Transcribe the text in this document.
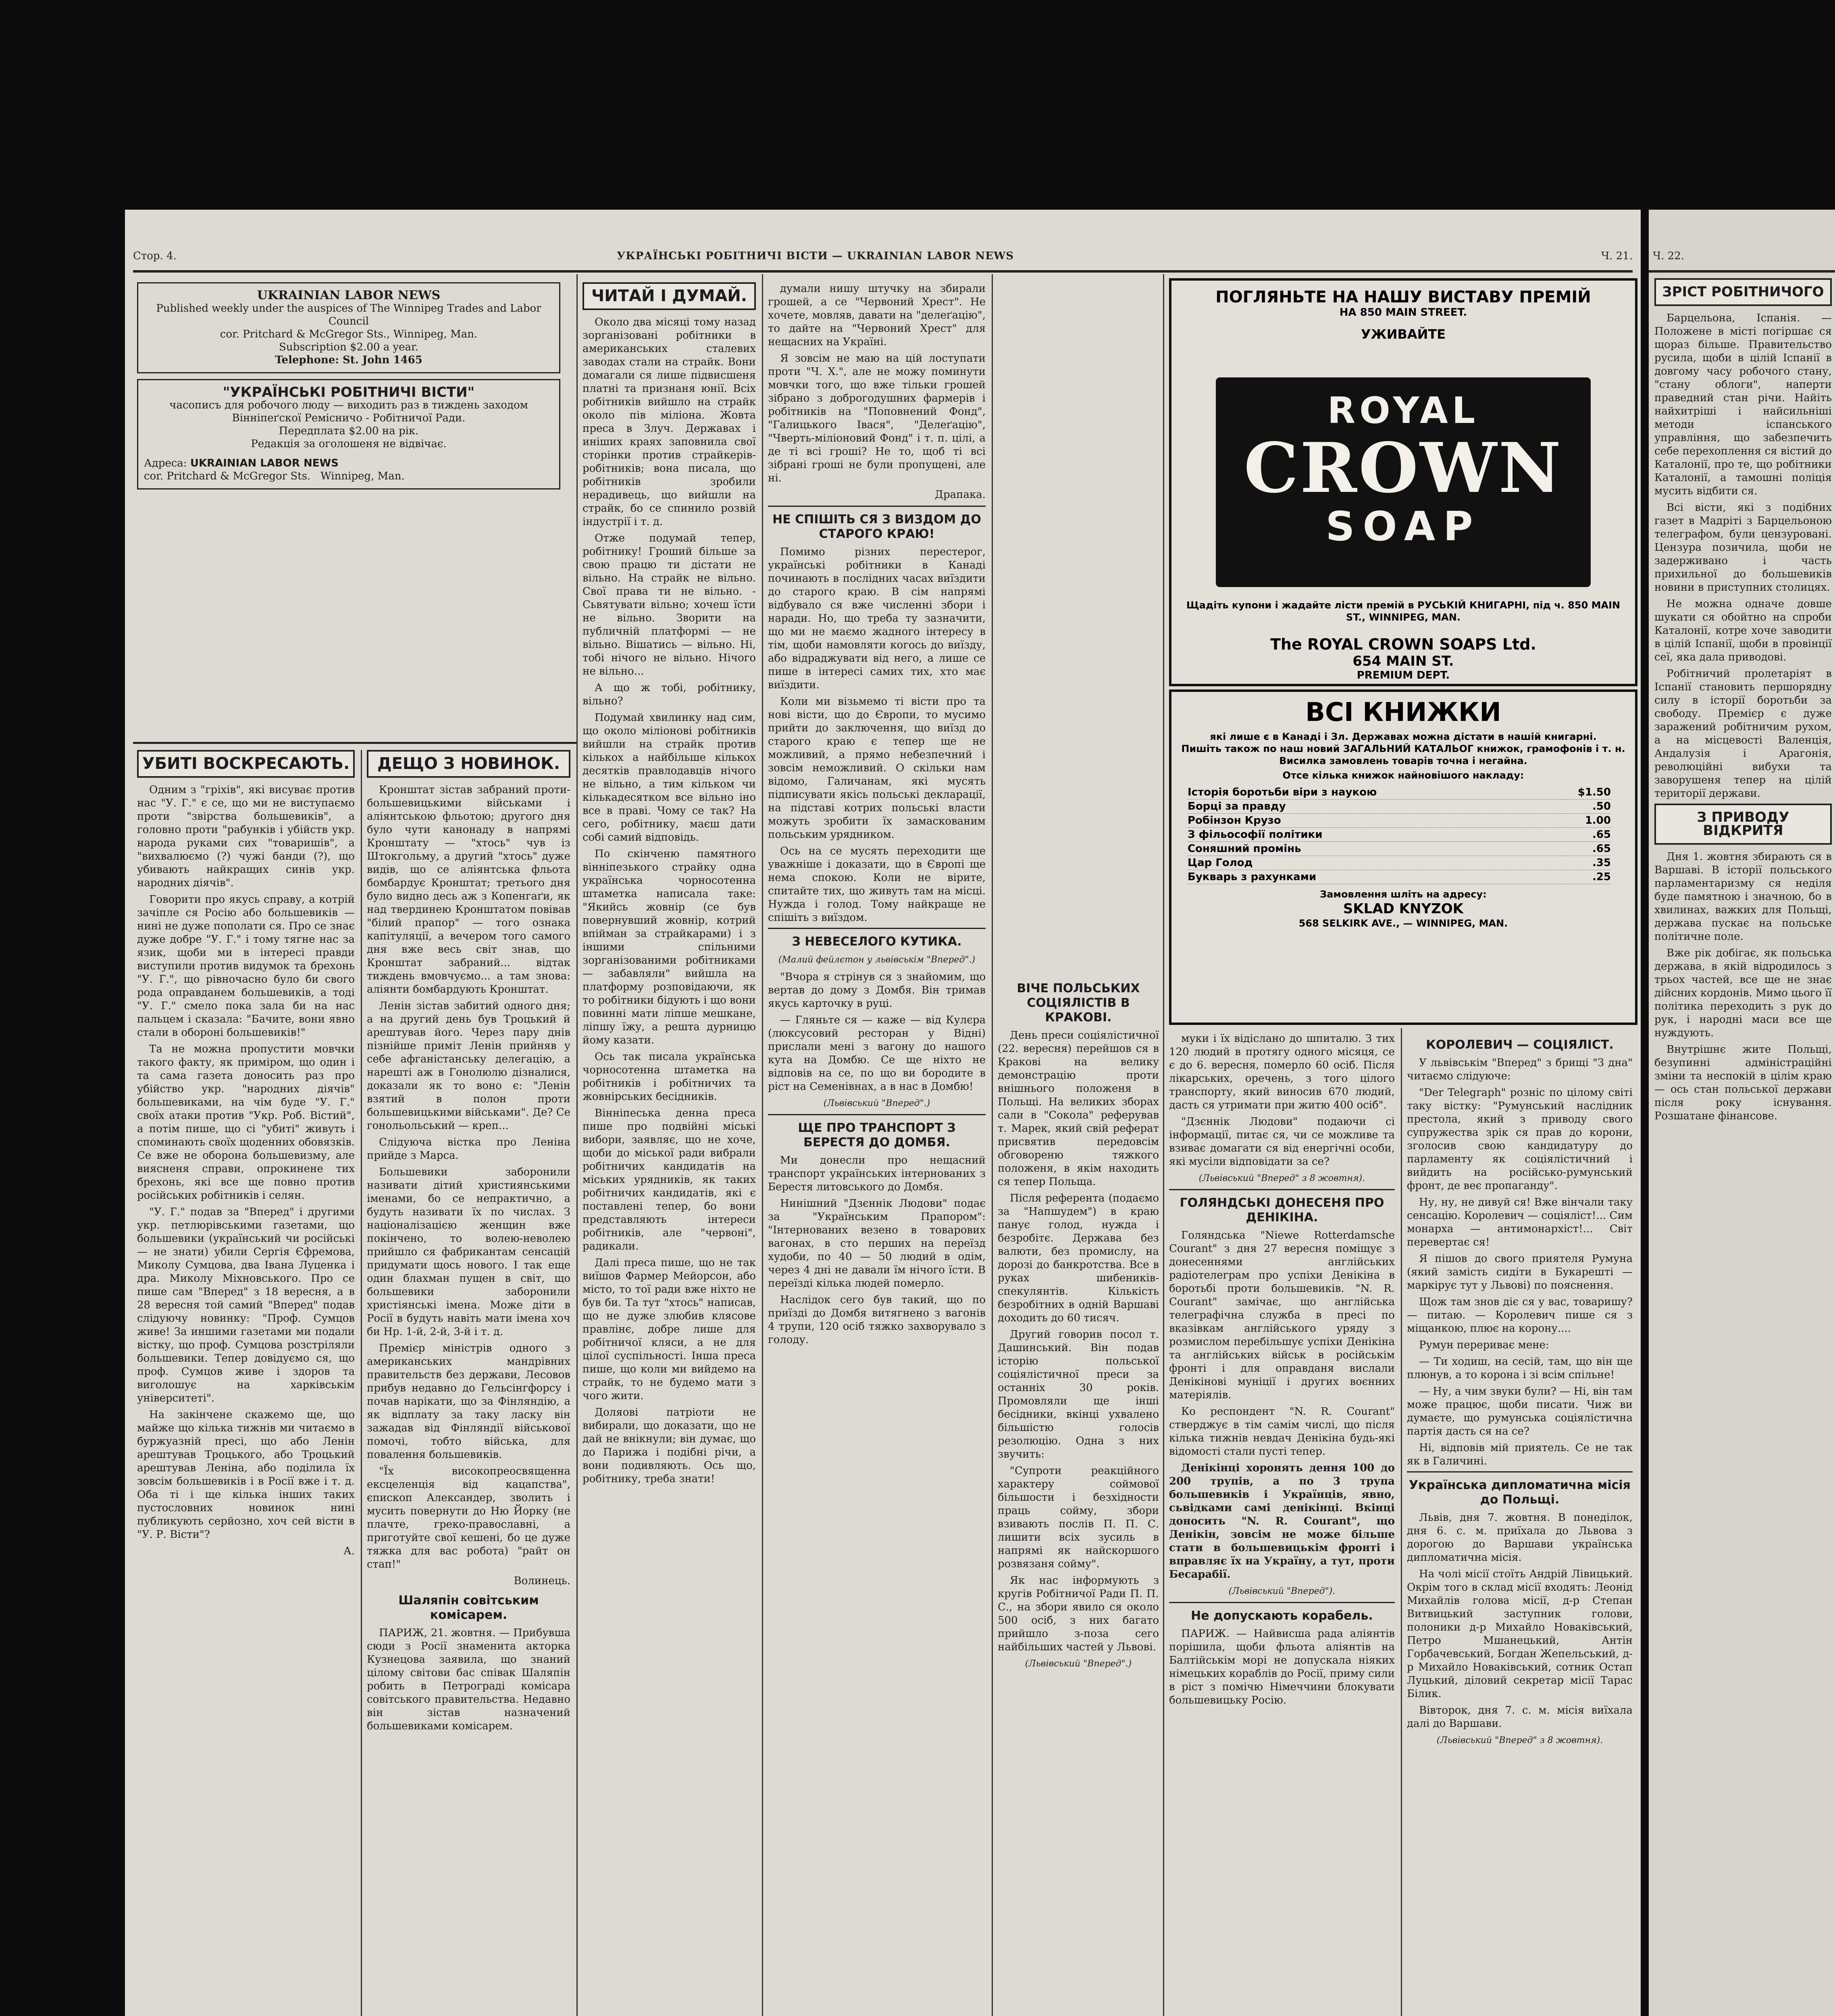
Стор. 4.	УКРАЇНСЬКІ РОБІТНИЧІ ВІСТИ — UKRAINIAN LABOR NEWS	Ч. 21.
UKRAINIAN LABOR NEWS
Published weekly under the auspices of The Winnipeg Trades and Labor Council
cor. Pritchard & McGregor Sts., Winnipeg, Man.
Subscription $2.00 a year.
Telephone: St. John 1465
"УКРАЇНСЬКІ РОБІТНИЧІ ВІСТИ"
часописъ для робочого люду — виходить раз в тиждень заходом Вінніпеґскої Ремісничо - Робітничої Ради.
Передплата $2.00 на рік.
Редакція за оголошеня не відвічає.
Адреса: UKRAINIAN LABOR NEWS
cor. Pritchard & McGregor Sts. Winnipeg, Man.
УБИТІ ВОСКРЕСАЮТЬ.

Одним з "гріхів", які висуває против нас "У. Г." є се, що ми не виступаємо проти "звірства большевиків", а головно проти "рабунків і убійств укр. народа руками сих "товаришів", а "вихвалюємо (?) чужі банди (?), що убивають найкращих синів укр. народних діячів".

Говорити про якусь справу, а котрій зачіпле ся Росію або большевиків — нині не дуже пополати ся. Про се знає дуже добре "У. Г." і тому тягне нас за язик, щоби ми в інтересі правди виступили против видумок та брехонь "У. Г.", що рівночасно було би свого рода оправданем большевиків, а тоді "У. Г." смело пока зала би на нас пальцем і сказала: "Бачите, вони явно стали в обороні большевиків!"

Та не можна пропустити мовчки такого факту, як приміром, що один і та сама газета доносить раз про убійство укр. "народних діячів" большевиками, на чім буде "У. Г." своїх атаки против "Укр. Роб. Вістий", а потім пише, що сі "убиті" живуть і споминають своїх щоденних обовязків. Се вже не оборона большевизму, але виясненя справи, опрокинене тих брехонь, які все ще повно против російських робітників і селян.

"У. Г." подав за "Вперед" і другими укр. петлюрівськими газетами, що большевики (український чи російські — не знати) убили Сергія Єфремова, Миколу Сумцова, два Івана Луценка і дра. Миколу Міхновського. Про се пише сам "Вперед" з 18 вересня, а в 28 вересня той самий "Вперед" подав слідуючу новинку: "Проф. Сумцов живе! За иншими газетами ми подали вістку, що проф. Сумцова розстріляли большевики. Тепер довідуємо ся, що проф. Сумцов живе і здоров та виголошує на харківськім університеті".

На закінчене скажемо ще, що майже що кілька тижнів ми читаємо в буржуазній пресі, що або Ленін арештував Троцького, або Троцький арештував Леніна, або поділила їх зовсім большевиків і в Росії вже і т. д. Оба ті і ще кілька інших таких пустословних новинок нині публикують серйозно, хоч сей вісти в "У. Р. Вісти"?

А.
ДЕЩО З НОВИНОК.

Кронштат зістав забраний проти-большевицькими військами і аліянтською фльотою; другого дня було чути канонаду в напрямі Кронштату — "хтось" чув із Штокгольму, а другий "хтось" дуже видів, що се аліянтська фльота бомбардує Кронштат; третього дня було видно десь аж з Копенгаґи, як над твердинею Кронштатом повівав "білий прапор" — того ознака капітуляції, а вечером того самого дня вже весь світ знав, що Кронштат забраний... відтак тиждень вмовчуємо... а там знова: аліянти бомбардують Кронштат.

Ленін зістав забитий одного дня; а на другий день був Троцький й арештував його. Через пару днів пізнійше приміт Ленін прийняв у себе афганістанську делегацію, а нарешті аж в Гонолюлю дізналися, доказали як то воно є: "Ленін взятий в полон проти большевицькими військами". Де? Се гонольольський — креп...

Слідуюча вістка про Леніна прийде з Марса.

Большевики заборонили називати дітий християнськими іменами, бо се непрактично, а будуть називати їх по числах. З націоналізацією женщин вже покінчено, то волею-неволею прийшло ся фабрикантам сенсацій придумати щось нового. І так еще один блахман пущен в світ, що большевики заборонили христіянські імена. Може діти в Росії в будуть навіть мати імена хоч би Нр. 1-й, 2-й, 3-й і т. д.

Премієр міністрів одного з американських мандрівних правительств без держави, Лесовов прибув недавно до Гельсінгфорсу і почав нарікати, що за Фінляндію, а як відплату за таку ласку він зажадав від Фінляндії військової помочі, тобто війська, для повалення большевиків.

"Їх високопреосвященна ексцеленція від кацапства", єпископ Александер, зволить і мусить повернути до Ню Йорку (не плачте, греко-православні, а приготуйте свої кешені, бо це дуже тяжка для вас робота) "райт он стап!"

Волинець.
Шаляпін совітським комісарем.

ПАРИЖ, 21. жовтня. — Прибувша сюди з Росії знаменита акторка Кузнецова заявила, що знаний цілому світови бас співак Шаляпін робить в Петрограді комісара совітського правительства. Недавно він зістав назначений большевиками комісарем.

ЧИТАЙ І ДУМАЙ.

Около два місяці тому назад зорганізовані робітники в американських сталевих заводах стали на страйк. Вони домагали ся лише підвисшеня платні та признаня юнії. Всіх робітників вийшло на страйк около пів міліона. Жовта преса в Злуч. Державах і иніших краях заповнила свої сторінки против страйкерів-робітників; вона писала, що робітників зробили нерадивець, що вийшли на страйк, бо се спинило розвій індустрії і т. д.

Отже подумай тепер, робітнику! Гроший більше за свою працю ти дістати не вільно. На страйк не вільно. Свої права ти не вільно. - Сьвятувати вільно; хочеш їсти не вільно. Зворити на публичній платформі — не вільно. Вішатись — вільно. Ні, тобі нічого не вільно. Нічого не вільно...

А що ж тобі, робітнику, вільно?

Подумай хвилинку над сим, що около міліонові робітників вийшли на страйк против кількох а найбільше кількох десятків правлодавців нічого не вільно, а тим кільком чи кількадесятком все вільно іно все в праві. Чому се так? На сего, робітнику, маєш дати собі самий відповідь.

По скінченю памятного вінніпезького страйку одна українська чорносотенна штаметка написала таке: "Якийсь жовнір (се був повернувший жовнір, котрий впійман за страйкарами) і з іншими спільними зорганізованими робітниками — забавляли" вийшла на платформу розповідаючи, як то робітники бідують і що вони повинні мати ліпше мешкане, ліпшу їжу, а решта дурницю йому казати.

Ось так писала українська чорносотенна штаметка на робітників і робітничих та жовнірських бесідників.

Вінніпеська денна преса пише про подвійні міські вибори, заявляє, що не хоче, щоби до міської ради вибрали робітничих кандидатів на міських урядників, як таких робітничих кандидатів, які є поставлені тепер, бо вони представляють інтереси робітників, але "червоні", радикали.

Далі преса пише, що не так виїшов Фармер Мейорсон, або місто, то тої ради вже ніхто не був би. Та тут "хтось" написав, що не дуже злюбив клясове правлінє, добре лише для робітничої кляси, а не для цілої суспільності. Інша преса пише, що коли ми вийдемо на страйк, то не будемо мати з чого жити.

Доляові патріоти не вибирали, що доказати, що не дай не внікнули; він думає, що до Парижа і подібні річи, а вони подивляють. Ось що, робітнику, треба знати!

думали нишу штучку на збирали грошей, а се "Червоний Хрест". Не хочете, мовляв, давати на "делеґацію", то дайте на "Червоний Хрест" для нещасних на Україні.

Я зовсім не маю на цій лоступати проти "Ч. Х.", але не можу поминути мовчки того, що вже тільки грошей зібрано з доброгодушних фармерів і робітників на "Поповнений Фонд", "Галицького Івася", "Делеґацію", "Чверть-міліоновий Фонд" і т. п. цілі, а де ті всі гроші? Не то, щоб ті всі зібрані гроші не були пропущені, але ні.

Драпака.
НЕ СПІШІТЬ СЯ З ВИЗДОМ ДО СТАРОГО КРАЮ!

Помимо різних перестерог, українські робітники в Канаді починають в послідних часах виїздити до старого краю. В сім напрямі відбувало ся вже численні збори і наради. Но, що треба ту зазначити, що ми не маємо жадного інтересу в тім, щоби намовляти когось до виїзду, або відраджувати від него, а лише се пише в інтересі самих тих, хто має виїздити.

Коли ми візьмемо ті вісти про та нові вісти, що до Європи, то мусимо прийти до заключення, що виїзд до старого краю є тепер ще не можливий, а прямо небезпечний і зовсім неможливий. О скільки нам відомо, Галичанам, які мусять підписувати якісь польські декларації, на підставі котрих польські власти можуть зробити їх замаскованим польським урядником.

Ось на се мусять переходити ще уважніше і доказати, що в Європі ще нема спокою. Коли не вірите, спитайте тих, що живуть там на місці. Нужда і голод. Тому найкраще не спішіть з виїздом.

З НЕВЕСЕЛОГО КУТИКА.
(Малий фейлєтон у львівськім "Вперед".)

"Вчора я стрінув ся з знайомим, що вертав до дому з Домбя. Він тримав якусь карточку в руці.

— Гляньте ся — каже — від Кулєра (люксусовий ресторан у Відні) прислали мені з вагону до нашого кута на Домбю. Се ще ніхто не відповів на се, по що ви бородите в ріст на Семенівнах, а в нас в Домбю!

(Львівський "Вперед".)
ЩЕ ПРО ТРАНСПОРТ З БЕРЕСТЯ ДО ДОМБЯ.

Ми донесли про нещасний транспорт українських інтернованих з Берестя литовського до Домбя.

Нинішний "Дзєннік Людови" подає за "Українським Прапором": "Інтернованих везено в товарових вагонах, в сто перших на переїзд худоби, по 40 — 50 людий в одім, через 4 дні не давали їм нічого їсти. В переїзді кілька людей померло.

Наслідок сего був такий, що по приїзді до Домбя витягнено з вагонів 4 трупи, 120 осіб тяжко захворувало з голоду.

ВІЧЕ ПОЛЬСЬКИХ СОЦІЯЛІСТІВ В КРАКОВІ.

День преси соціялістичної (22. вересня) перейшов ся в Кракові на велику демонстрацію проти внішнього положеня в Польщі. На великих зборах сали в "Сокола" реферував т. Марек, який свій реферат присвятив передовсім обговореню тяжкого положеня, в якім находить ся тепер Польща.

Після референта (подаємо за "Напшудем") в краю панує голод, нужда і безробітє. Держава без валюти, без промислу, на дорозі до банкротства. Все в руках шибеників-спекулянтів. Кількість безробітних в одній Варшаві доходить до 60 тисяч.

Другий говорив посол т. Дашинський. Він подав історію польської соціялістичної преси за останніх 30 років. Промовляли ще інші бесідники, вкінці ухвалено більшістю голосів резолюцію. Одна з них звучить:

"Супроти реакційного характеру соймової більшости і безхідности праць сойму, збори взивають послів П. П. С. лишити всіх зусиль в напрямі як найскоршого розвязаня сойму".

Як нас інформують з кругів Робітничої Ради П. П. С., на збори явило ся около 500 осіб, з них багато прийшло з-поза сего найбільших частей у Львові.

(Львівський "Вперед".)
ПОГЛЯНЬТЕ НА НАШУ ВИСТАВУ ПРЕМІЙ
НА 850 MAIN STREET.
УЖИВАЙТЕ
ROYAL
CROWN
SOAP
Щадіть купони і жадайте лісти премій в РУСЬКІЙ КНИГАРНІ, під ч. 850 MAIN ST., WINNIPEG, MAN.
The ROYAL CROWN SOAPS Ltd.
654 MAIN ST.
PREMIUM DEPT.
ВСІ КНИЖКИ
які лише є в Канаді і Зл. Державах можна дістати в нашій книгарні.
Пишіть також по наш новий ЗАГАЛЬНИЙ КАТАЛЬОГ книжок, грамофонів і т. н.
Висилка замовлень товарів точна і негайна.
Отсе кілька книжок найновішого накладу:
Історія боротьби віри з наукою	$1.50
Борці за правду	.50
Робінзон Крузо	1.00
З фільософії політики	.65
Соняшний промінь	.65
Цар Голод	.35
Букварь з рахунками	.25
Замовлення шліть на адресу:
SKLAD KNYZOK
568 SELKIRK AVE., — WINNIPEG, MAN.

муки і їх відіслано до шпиталю. З тих 120 людий в протягу одного місяця, се є до 6. вересня, померло 60 осіб. Після лікарських, оречень, з того цілого транспорту, який виносив 670 людий, дасть ся утримати при житю 400 осіб".

"Дзєннік Людови" подаючи сі інформації, питає ся, чи се можливе та взиває домагати ся від енергічні особи, які мусіли відповідати за се?

(Львівський "Вперед" з 8 жовтня).
ГОЛЯНДСЬКІ ДОНЕСЕНЯ ПРО ДЕНІКІНА.

Голяндська "Niewe Rotterdamsche Courant" з дня 27 вересня поміщує з донесеннями англійських радіотелеграм про успіхи Денікіна в боротьбі проти большевиків. "N. R. Courant" замічає, що англійська телеграфічна служба в пресі по вказівкам англійського уряду з розмислом перебільшує успіхи Денікіна та англійських військ в російськім фронті і для оправданя вислали Денікінові муніції і других воєнних матеріялів.

Ко респондент "N. R. Courant" стверджує в тім самім числі, що після кілька тижнів невдач Денікіна будь-які відомості стали пусті тепер.

Денікінці хоронять дення 100 до 200 трупів, а по 3 трупа большевиків і Українців, явно, сьвідками самі денікінці. Вкінці доносить "N. R. Courant", що Денікін, зовсім не може більше стати в большевицькім фронті і вправляє їх на Україну, а тут, проти Бесарабії.

(Львівський "Вперед").
Не допускають корабель.

ПАРИЖ. — Найвисша рада аліянтів порішила, щоби фльота аліянтів на Балтійськім морі не допускала ніяких німецьких кораблів до Росії, приму сили в ріст з помічю Німеччини блокувати большевицьку Росію.

КОРОЛЕВИЧ — СОЦІЯЛІСТ.

У львівськім "Вперед" з брищі "З дна" читаємо слідуюче:

"Der Telegraph" розніс по цілому світі таку вістку: "Румунський наслідник престола, який з приводу свого супружества зрік ся прав до корони, зголосив свою кандидатуру до парламенту як соціялістичний і вийдить на російсько-румунський фронт, де веє пропаганду".

Ну, ну, не дивуй ся! Вже вінчали таку сенсацію. Королевич — соціяліст!... Сим монарха — антимонархіст!... Світ перевертає ся!

Я пішов до свого приятеля Румуна (який замість сидіти в Букарешті — маркірує тут у Львові) по пояснення.

Щож там знов діє ся у вас, товаришу? — питаю. — Королевич пише ся з міщанкою, плює на корону....

Румун перериває мене:

— Ти ходиш, на сесій, там, що він ще плюнув, а то корона і зі всім спільне!

— Ну, а чим звуки були? — Ні, він там може працює, щоби писати. Чиж ви думаєте, що румунська соціялістична партія дасть ся на се?

Ні, відповів мій приятель. Се не так як в Галичині.

Українська дипломатична місія до Польщі.

Львів, дня 7. жовтня. В понеділок, дня 6. с. м. приїхала до Львова з дорогою до Варшави українська дипломатична місія.

На чолі місії стоїть Андрій Лівицький. Окрім того в склад місії входять: Леонід Михайлів голова місії, д-р Степан Витвицький заступник голови, полоники д-р Михайло Новаківський, Петро Мшанецький, Антін Горбачевський, Богдан Жепельський, д-р Михайло Новаківський, сотник Остап Луцький, діловий секретар місії Тарас Білик.

Вівторок, дня 7. с. м. місія виїхала далі до Варшави.

(Львівський "Вперед" з 8 жовтня).
Ч. 22.
ЗРІСТ РОБІТНИЧОГО

Барцельона, Іспанія. — Положене в місті погіршає ся щораз більше. Правительство русила, щоби в цілій Іспанії в довгому часу робочого стану, "стану облоги", наперти праведний стан річи. Найіть найхитріші і найсильніші методи іспанського управління, що забезпечить себе перехоплення ся вістий до Каталонії, про те, що робітники Каталонії, а тамошні поліція мусить відбити ся.

Всі вісти, які з подібних газет в Мадріті з Барцельоною телеграфом, були цензуровані. Цензура позичила, щоби не задерживано і часть прихильної до большевиків новини в приступних столицях.

Не можна одначе довше шукати ся обойтно на спроби Каталонії, котре хоче заводити в цілій Іспанії, щоби в провінції сеї, яка дала приводові.

Робітничий пролетаріят в Іспанії становить першорядну силу в історії боротьби за свободу. Премієр є дуже заражений робітничим рухом, а на місцевості Валенція, Андалузія і Арагонія, революційні вибухи та заворушеня тепер на цілій території держави.

З ПРИВОДУ ВІДКРИТЯ

Дня 1. жовтня збирають ся в Варшаві. В історії польського парламентаризму ся неділя буде памятною і значною, бо в хвилинах, важких для Польщі, держава пускає на польське політичне поле.

Вже рік добігає, як польська держава, в якій відродилось з трьох частей, все ще не знає дійсних кордонів. Мимо цього її політика переходить з рук до рук, і народні маси все ще нуждують.

Внутрішнє жите Польщі, безупинні адміністраційні зміни та неспокій в цілім краю — ось стан польської держави після року існування. Розшатане фінансове.
